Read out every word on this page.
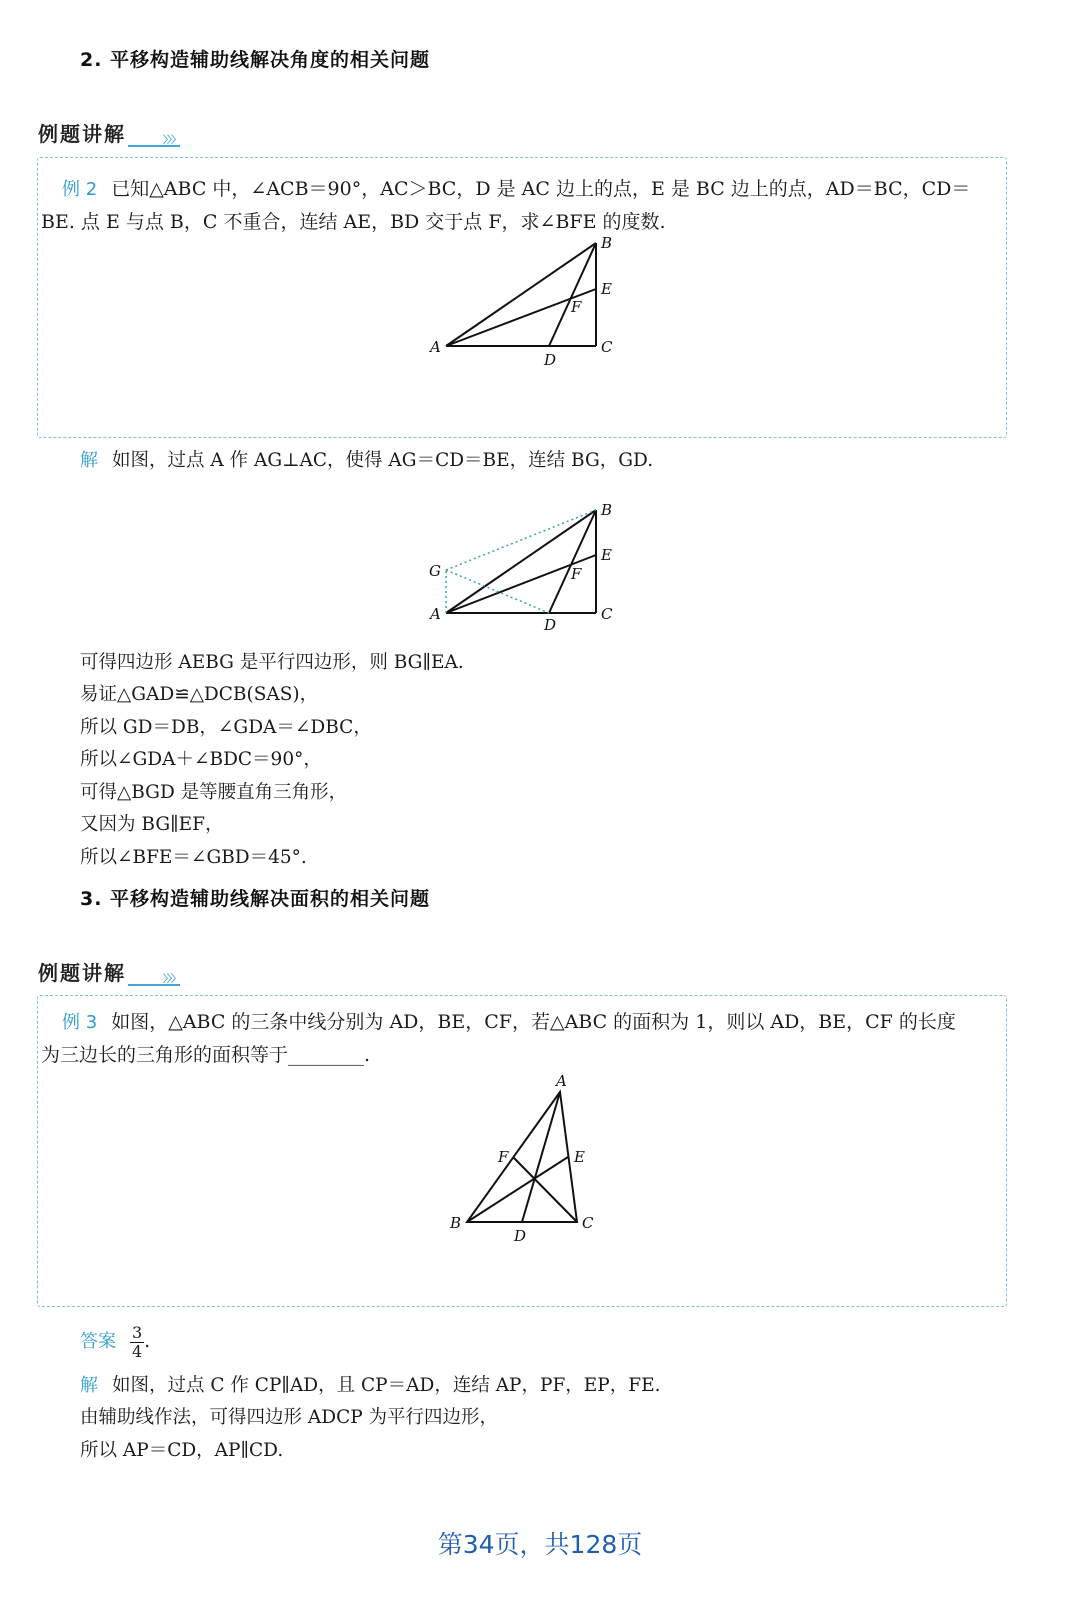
2. 平移构造辅助线解决角度的相关问题
例题讲解	〉〉〉
例 2 已知△ABC 中，∠ACB＝90°，AC＞BC，D 是 AC 边上的点，E 是 BC 边上的点，AD＝BC，CD＝
BE. 点 E 与点 B，C 不重合，连结 AE，BD 交于点 F，求∠BFE 的度数.
A
B
C
D
E
F
解 如图，过点 A 作 AG⊥AC，使得 AG＝CD＝BE，连结 BG，GD.
A
B
C
D
E
F
G
可得四边形 AEBG 是平行四边形，则 BG∥EA.
易证△GAD≌△DCB(SAS)，
所以 GD＝DB，∠GDA＝∠DBC，
所以∠GDA＋∠BDC＝90°，
可得△BGD 是等腰直角三角形，
又因为 BG∥EF，
所以∠BFE＝∠GBD＝45°.
3. 平移构造辅助线解决面积的相关问题
例题讲解	〉〉〉
例 3 如图，△ABC 的三条中线分别为 AD，BE，CF，若△ABC 的面积为 1，则以 AD，BE，CF 的长度
为三边长的三角形的面积等于________.
A
B	C
D
E
F
答案 $\frac{3}{4}$ .
解 如图，过点 C 作 CP∥AD，且 CP＝AD，连结 AP，PF，EP，FE.
由辅助线作法，可得四边形 ADCP 为平行四边形，
所以 AP＝CD，AP∥CD.
第34页，共128页
